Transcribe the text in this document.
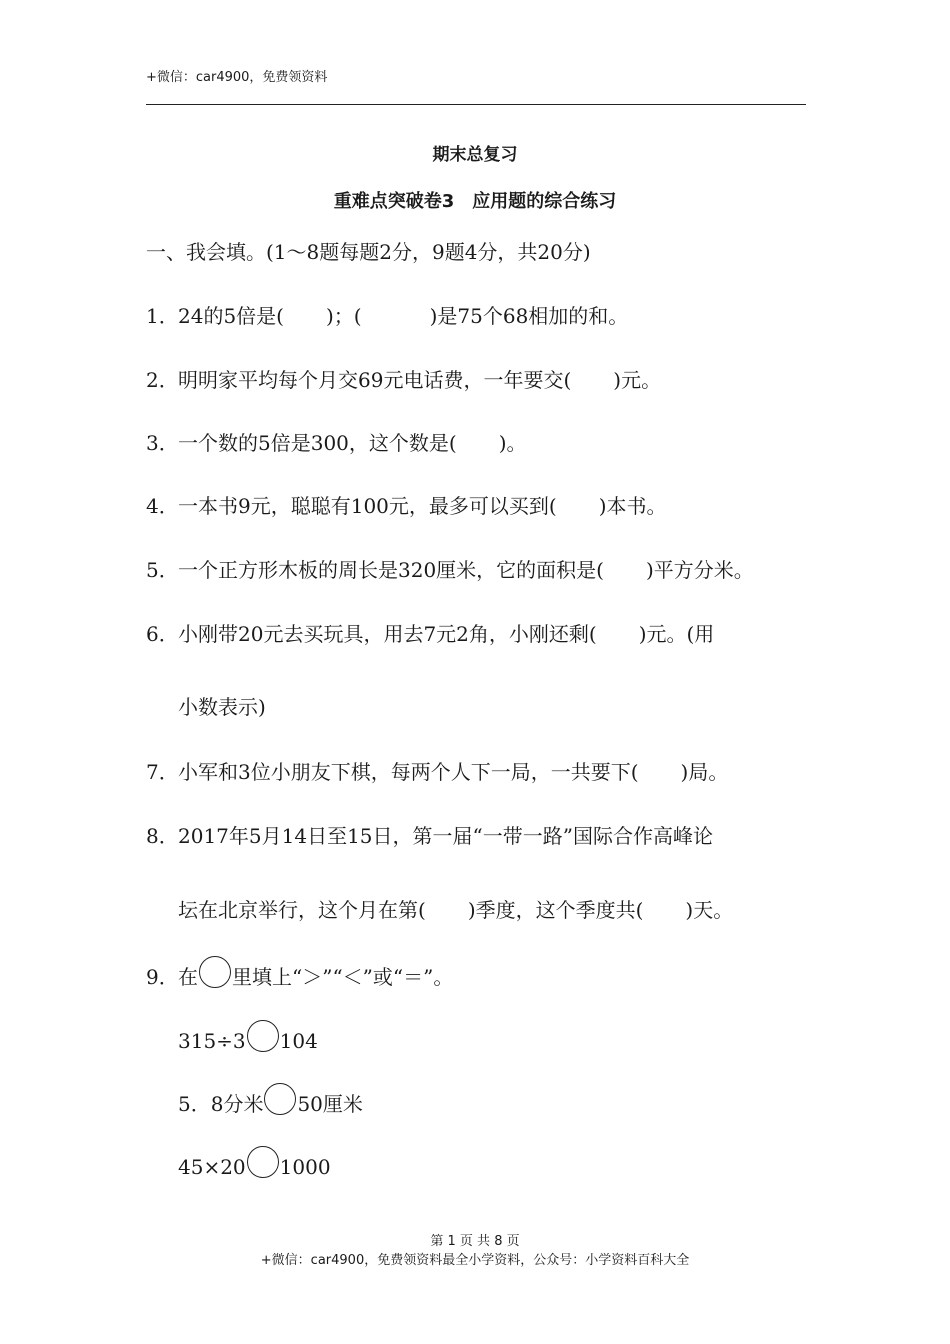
+微信：car4900，免费领资料
期末总复习
重难点突破卷3　应用题的综合练习
一、我会填。(1～8题每题2分，9题4分，共20分)
1．24的5倍是( )；(	)是75个68相加的和。
2．明明家平均每个月交69元电话费，一年要交( )元。
3．一个数的5倍是300，这个数是( )。
4．一本书9元，聪聪有100元，最多可以买到( )本书。
5．一个正方形木板的周长是320厘米，它的面积是( )平方分米。
6．小刚带20元去买玩具，用去7元2角，小刚还剩( )元。(用
小数表示)
7．小军和3位小朋友下棋，每两个人下一局，一共要下( )局。
8．2017年5月14日至15日，第一届“一带一路”国际合作高峰论
坛在北京举行，这个月在第( )季度，这个季度共( )天。
9．在 里填上“＞”“＜”或“＝”。
315÷3 104
5．8分米 50厘米
45×20 1000
第 1 页 共 8 页
+微信：car4900，免费领资料最全小学资料，公众号：小学资料百科大全
